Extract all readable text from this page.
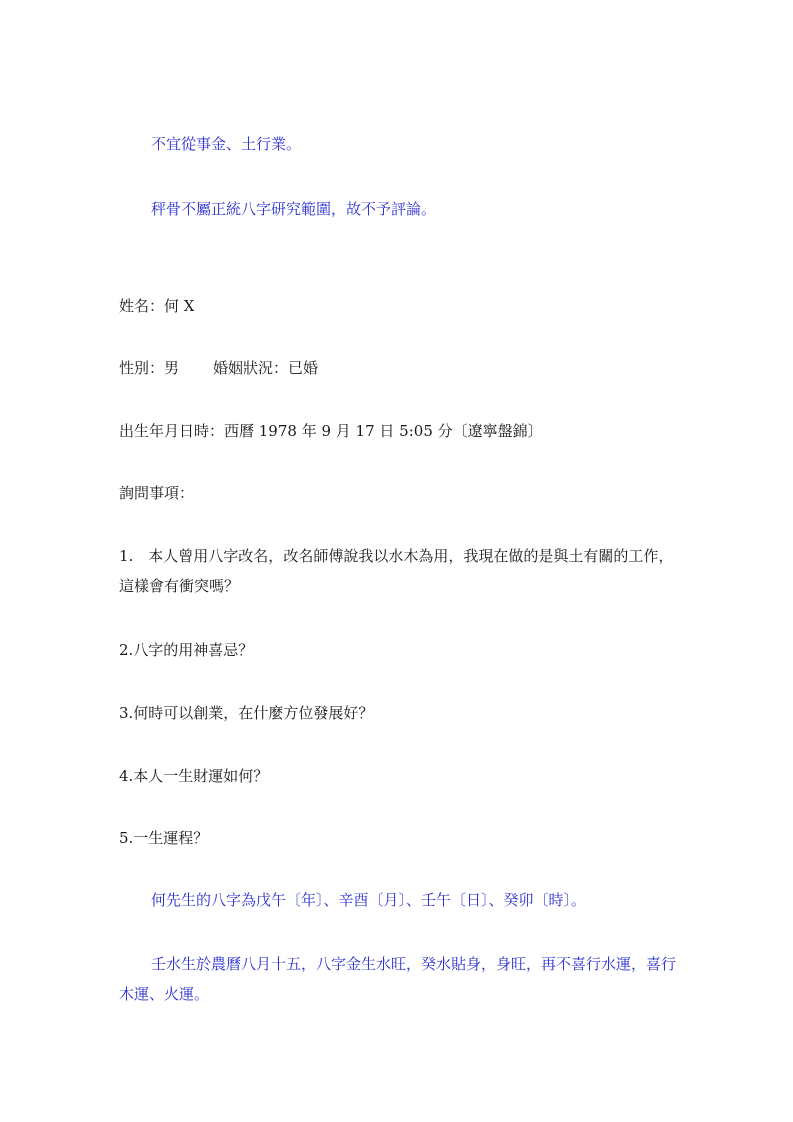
不宜從事金、土行業。

秤骨不屬正統八字研究範圍，故不予評論。

姓名：何 X

性別：男 婚姻狀況：已婚

出生年月日時：西曆 1978 年 9 月 17 日 5:05 分〔遼寧盤錦〕

詢問事項：

1.　本人曾用八字改名，改名師傅說我以水木為用，我現在做的是與土有關的工作，這樣會有衝突嗎？

2.八字的用神喜忌？

3.何時可以創業，在什麼方位發展好？

4.本人一生財運如何？

5.一生運程？

何先生的八字為戊午〔年〕、辛酉〔月〕、壬午〔日〕、癸卯〔時〕。

壬水生於農曆八月十五，八字金生水旺，癸水貼身，身旺，再不喜行水運，喜行木運、火運。
